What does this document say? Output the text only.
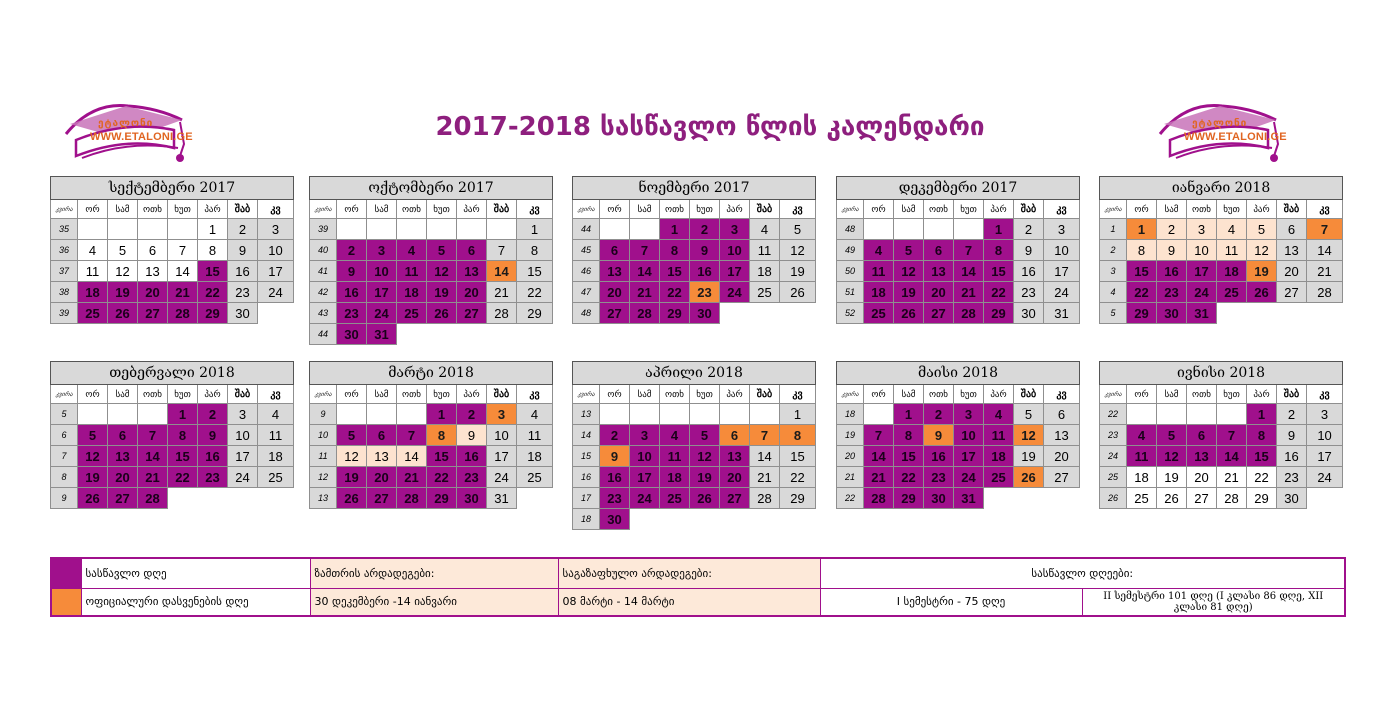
ეტალონი
WWW.ETALONI.GE
ეტალონი
WWW.ETALONI.GE
2017-2018 სასწავლო წლის კალენდარი
სექტემბერი 2017							
კვირა	ორ	სამ	ოთხ	ხუთ	პარ	შაბ	კვ
35					1	2	3
36	4	5	6	7	8	9	10
37	11	12	13	14	15	16	17
38	18	19	20	21	22	23	24
39	25	26	27	28	29	30	
ოქტომბერი 2017							
კვირა	ორ	სამ	ოთხ	ხუთ	პარ	შაბ	კვ
39							1
40	2	3	4	5	6	7	8
41	9	10	11	12	13	14	15
42	16	17	18	19	20	21	22
43	23	24	25	26	27	28	29
44	30	31					
ნოემბერი 2017							
კვირა	ორ	სამ	ოთხ	ხუთ	პარ	შაბ	კვ
44			1	2	3	4	5
45	6	7	8	9	10	11	12
46	13	14	15	16	17	18	19
47	20	21	22	23	24	25	26
48	27	28	29	30			
დეკემბერი 2017							
კვირა	ორ	სამ	ოთხ	ხუთ	პარ	შაბ	კვ
48					1	2	3
49	4	5	6	7	8	9	10
50	11	12	13	14	15	16	17
51	18	19	20	21	22	23	24
52	25	26	27	28	29	30	31
იანვარი 2018							
კვირა	ორ	სამ	ოთხ	ხუთ	პარ	შაბ	კვ
1	1	2	3	4	5	6	7
2	8	9	10	11	12	13	14
3	15	16	17	18	19	20	21
4	22	23	24	25	26	27	28
5	29	30	31				
თებერვალი 2018							
კვირა	ორ	სამ	ოთხ	ხუთ	პარ	შაბ	კვ
5				1	2	3	4
6	5	6	7	8	9	10	11
7	12	13	14	15	16	17	18
8	19	20	21	22	23	24	25
9	26	27	28				
მარტი 2018							
კვირა	ორ	სამ	ოთხ	ხუთ	პარ	შაბ	კვ
9				1	2	3	4
10	5	6	7	8	9	10	11
11	12	13	14	15	16	17	18
12	19	20	21	22	23	24	25
13	26	27	28	29	30	31	
აპრილი 2018							
კვირა	ორ	სამ	ოთხ	ხუთ	პარ	შაბ	კვ
13							1
14	2	3	4	5	6	7	8
15	9	10	11	12	13	14	15
16	16	17	18	19	20	21	22
17	23	24	25	26	27	28	29
18	30						
მაისი 2018							
კვირა	ორ	სამ	ოთხ	ხუთ	პარ	შაბ	კვ
18		1	2	3	4	5	6
19	7	8	9	10	11	12	13
20	14	15	16	17	18	19	20
21	21	22	23	24	25	26	27
22	28	29	30	31			
ივნისი 2018							
კვირა	ორ	სამ	ოთხ	ხუთ	პარ	შაბ	კვ
22					1	2	3
23	4	5	6	7	8	9	10
24	11	12	13	14	15	16	17
25	18	19	20	21	22	23	24
26	25	26	27	28	29	30	
	სასწავლო დღე	ზამთრის არდადეგები:	საგაზაფხულო არდადეგები:	სასწავლო დღეები:	
	ოფიციალური დასვენების დღე	30 დეკემბერი -14 იანვარი	08 მარტი - 14 მარტი	I სემესტრი - 75 დღე	II სემესტრი 101 დღე (I კლასი 86 დღე, XII კლასი 81 დღე)
